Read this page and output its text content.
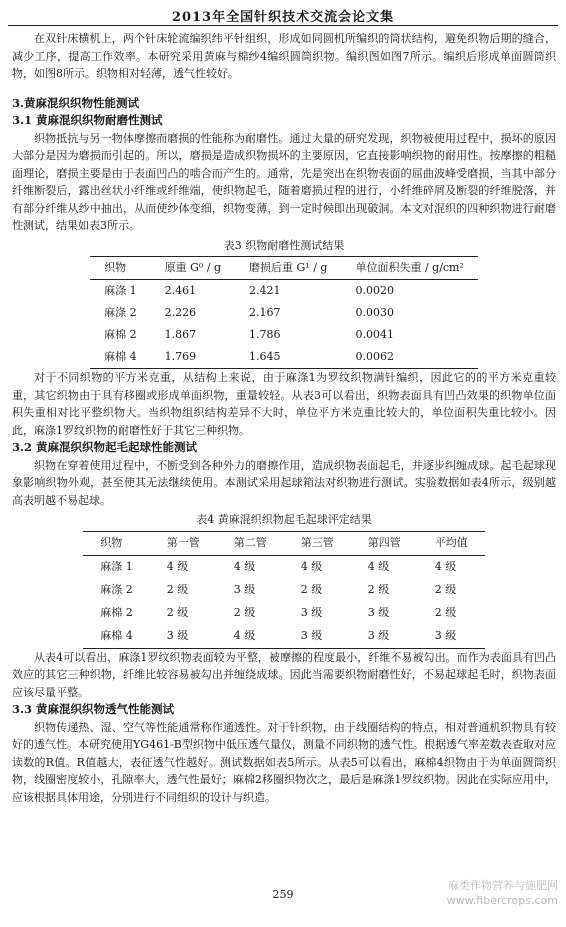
2013年全国针织技术交流会论文集

在双针床横机上，两个针床轮流编织纬平针组织，形成如同圆机所编织的筒状结构，避免织物后期的缝合，减少工序，提高工作效率。本研究采用黄麻与棉纱4编织圆筒织物。编织图如图7所示。编织后形成单面圆筒织物，如图8所示。织物相对轻薄，透气性较好。

3.黄麻混织织物性能测试
3.1 黄麻混织织物耐磨性测试

织物抵抗与另一物体摩擦而磨损的性能称为耐磨性。通过大量的研究发现，织物被使用过程中，损坏的原因大部分是因为磨损而引起的。所以，磨损是造成织物损坏的主要原因，它直接影响织物的耐用性。按摩擦的粗糙面理论，磨损主要是由于表面凹凸的啮合而产生的。通常，先是突出在织物表面的屈曲波峰受磨损，当其中部分纤维断裂后，露出丝状小纤维或纤维端，使织物起毛，随着磨损过程的进行，小纤维碎屑及断裂的纤维脱落，并有部分纤维从纱中抽出，从而使纱体变细，织物变薄，到一定时候即出现破洞。本文对混织的四种织物进行耐磨性测试，结果如表3所示。

表3 织物耐磨性测试结果
织物	原重 G⁰ / g	磨损后重 G¹ / g	单位面积失重 / g/cm²
麻涤 1	2.461	2.421	0.0020
麻涤 2	2.226	2.167	0.0030
麻棉 2	1.867	1.786	0.0041
麻棉 4	1.769	1.645	0.0062

对于不同织物的平方米克重，从结构上来说，由于麻涤1为罗纹织物满针编织，因此它的的平方米克重较重，其它织物由于具有移圈或形成单面织物，重量较轻。从表3可以看出，织物表面具有凹凸效果的织物单位面积失重相对比平整织物大。当织物组织结构差异不大时，单位平方米克重比较大的，单位面积失重比较小。因此，麻涤1罗纹织物的耐磨性好于其它三种织物。

3.2 黄麻混织织物起毛起球性能测试

织物在穿着使用过程中，不断受到各种外力的磨擦作用，造成织物表面起毛，并逐步纠缠成球。起毛起球现象影响织物外观，甚至使其无法继续使用。本测试采用起球箱法对织物进行测试。实验数据如表4所示，级别越高表明越不易起球。

表4 黄麻混织织物起毛起球评定结果
织物	第一管	第二管	第三管	第四管	平均值
麻涤 1	4 级	4 级	4 级	4 级	4 级
麻涤 2	2 级	3 级	2 级	2 级	2 级
麻棉 2	2 级	2 级	3 级	3 级	2 级
麻棉 4	3 级	4 级	3 级	3 级	3 级

从表4可以看出，麻涤1罗纹织物表面较为平整，被摩擦的程度最小，纤维不易被勾出。而作为表面具有凹凸效应的其它三种织物，纤维比较容易被勾出并缠绕成球。因此当需要织物耐磨性好，不易起球起毛时，织物表面应该尽量平整。

3.3 黄麻混织织物透气性能测试

织物传递热、湿、空气等性能通常称作通透性。对于针织物，由于线圈结构的特点，相对普通机织物具有较好的透气性。本研究使用YG461-B型织物中低压透气量仪，测量不同织物的透气性。根据透气率差数表查取对应读数的R值。R值越大，表征透气性越好。测试数据如表5所示。从表5可以看出，麻棉4织物由于为单面圆筒织物，线圈密度较小，孔隙率大，透气性最好；麻棉2移圈织物次之，最后是麻涤1罗纹织物。因此在实际应用中，应该根据具体用途，分别进行不同组织的设计与织造。

259
麻类作物营养与施肥网
www.fibercrops.com
